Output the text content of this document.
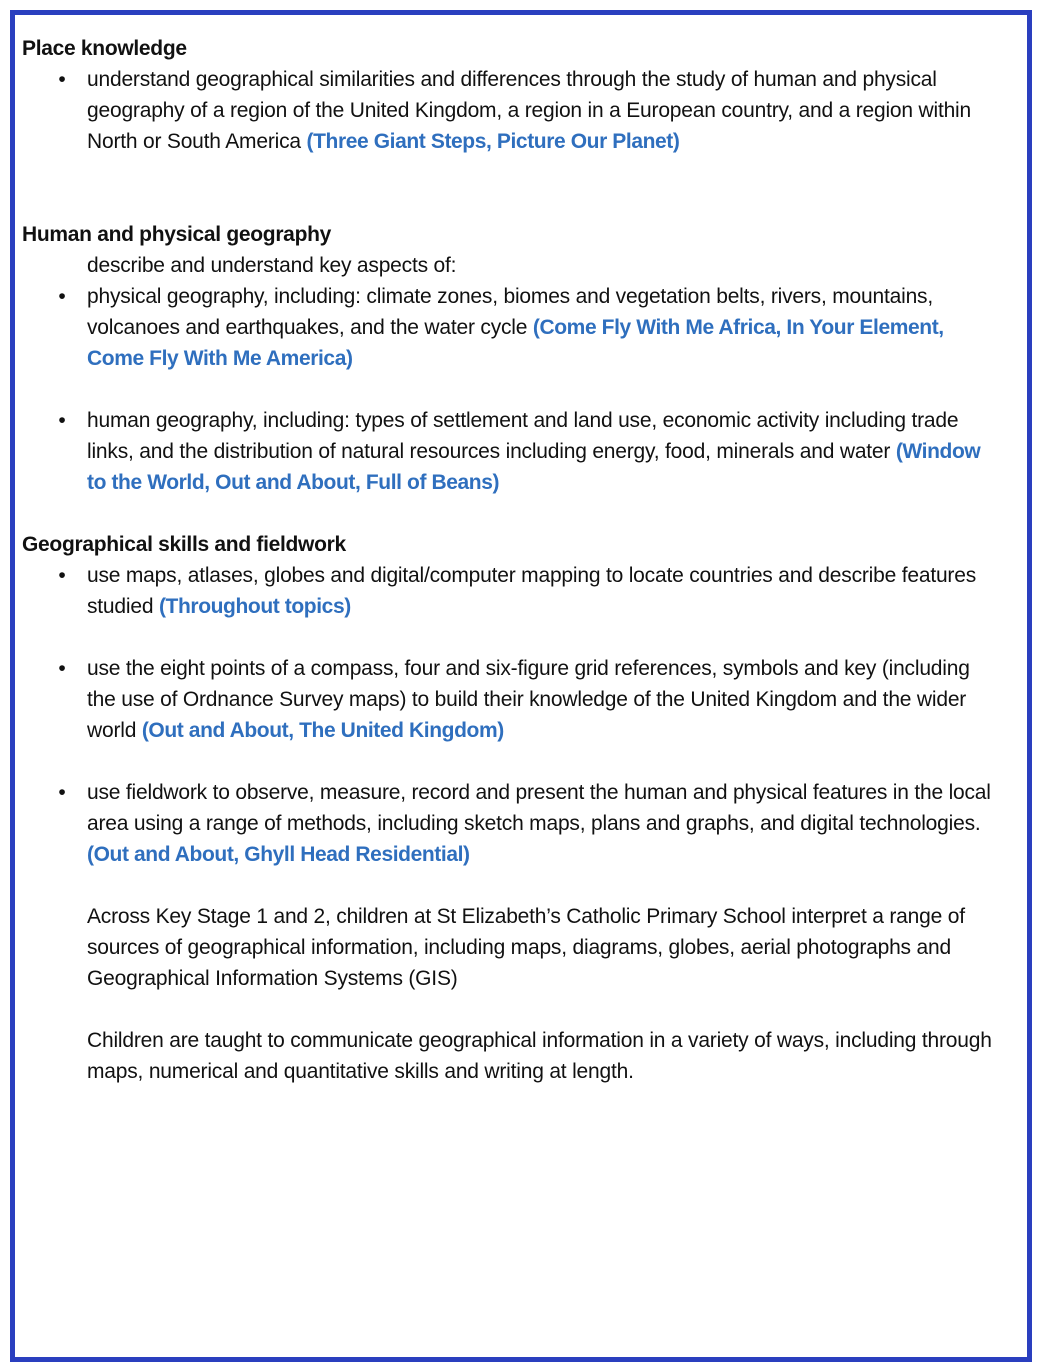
Place knowledge

• understand geographical similarities and differences through the study of human and physical geography of a region of the United Kingdom, a region in a European country, and a region within North or South America (Three Giant Steps, Picture Our Planet)

Human and physical geography

describe and understand key aspects of:

• physical geography, including: climate zones, biomes and vegetation belts, rivers, mountains, volcanoes and earthquakes, and the water cycle (Come Fly With Me Africa, In Your Element, Come Fly With Me America)
• human geography, including: types of settlement and land use, economic activity including trade links, and the distribution of natural resources including energy, food, minerals and water (Window to the World, Out and About, Full of Beans)

Geographical skills and fieldwork

• use maps, atlases, globes and digital/computer mapping to locate countries and describe features studied (Throughout topics)
• use the eight points of a compass, four and six-figure grid references, symbols and key (including the use of Ordnance Survey maps) to build their knowledge of the United Kingdom and the wider world (Out and About, The United Kingdom)
• use fieldwork to observe, measure, record and present the human and physical features in the local area using a range of methods, including sketch maps, plans and graphs, and digital technologies. (Out and About, Ghyll Head Residential)

Across Key Stage 1 and 2, children at St Elizabeth’s Catholic Primary School interpret a range of sources of geographical information, including maps, diagrams, globes, aerial photographs and Geographical Information Systems (GIS)

Children are taught to communicate geographical information in a variety of ways, including through maps, numerical and quantitative skills and writing at length.
